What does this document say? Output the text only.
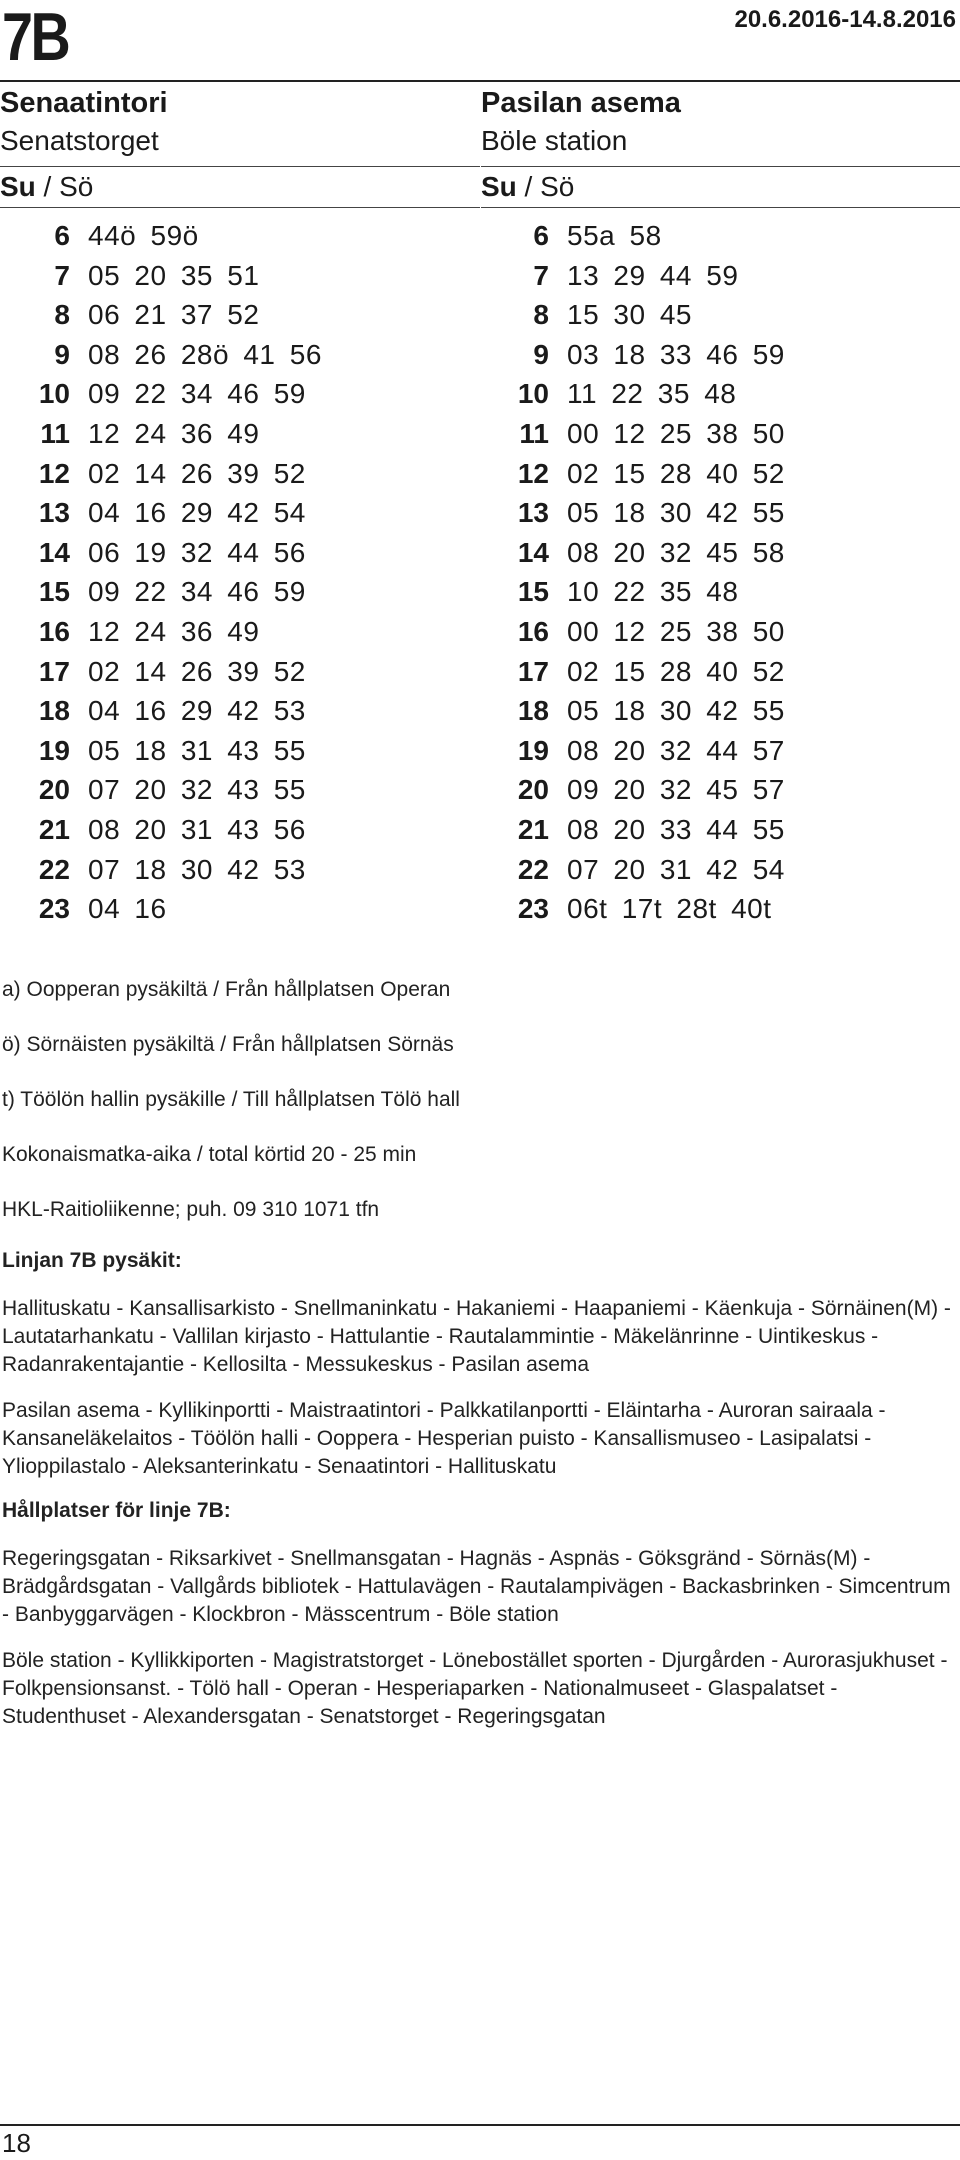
7B	20.6.2016-14.8.2016
Senaatintori
Senatstorget
Su / Sö
6 44ö 59ö
7 05 20 35 51
8 06 21 37 52
9 08 26 28ö 41 56
10 09 22 34 46 59
11 12 24 36 49
12 02 14 26 39 52
13 04 16 29 42 54
14 06 19 32 44 56
15 09 22 34 46 59
16 12 24 36 49
17 02 14 26 39 52
18 04 16 29 42 53
19 05 18 31 43 55
20 07 20 32 43 55
21 08 20 31 43 56
22 07 18 30 42 53
23 04 16
Pasilan asema
Böle station
Su / Sö
6 55a 58
7 13 29 44 59
8 15 30 45
9 03 18 33 46 59
10 11 22 35 48
11 00 12 25 38 50
12 02 15 28 40 52
13 05 18 30 42 55
14 08 20 32 45 58
15 10 22 35 48
16 00 12 25 38 50
17 02 15 28 40 52
18 05 18 30 42 55
19 08 20 32 44 57
20 09 20 32 45 57
21 08 20 33 44 55
22 07 20 31 42 54
23 06t 17t 28t 40t
a) Oopperan pysäkiltä / Från hållplatsen Operan
ö) Sörnäisten pysäkiltä / Från hållplatsen Sörnäs
t) Töölön hallin pysäkille / Till hållplatsen Tölö hall
Kokonaismatka-aika / total körtid 20 - 25 min
HKL-Raitioliikenne; puh. 09 310 1071 tfn
Linjan 7B pysäkit:
Hallituskatu - Kansallisarkisto - Snellmaninkatu - Hakaniemi - Haapaniemi - Käenkuja - Sörnäinen(M) - Lautatarhankatu - Vallilan kirjasto - Hattulantie - Rautalammintie - Mäkelänrinne - Uintikeskus - Radanrakentajantie - Kellosilta - Messukeskus - Pasilan asema
Pasilan asema - Kyllikinportti - Maistraatintori - Palkkatilanportti - Eläintarha - Auroran sairaala - Kansaneläkelaitos - Töölön halli - Ooppera - Hesperian puisto - Kansallismuseo - Lasipalatsi - Ylioppilastalo - Aleksanterinkatu - Senaatintori - Hallituskatu
Hållplatser för linje 7B:
Regeringsgatan - Riksarkivet - Snellmansgatan - Hagnäs - Aspnäs - Göksgränd - Sörnäs(M) - Brädgårdsgatan - Vallgårds bibliotek - Hattulavägen - Rautalampivägen - Backasbrinken - Simcentrum - Banbyggarvägen - Klockbron - Mässcentrum - Böle station
Böle station - Kyllikkiporten - Magistratstorget - Lönebostället sporten - Djurgården - Aurorasjukhuset - Folkpensionsanst. - Tölö hall - Operan - Hesperiaparken - Nationalmuseet - Glaspalatset - Studenthuset - Alexandersgatan - Senatstorget - Regeringsgatan
18
